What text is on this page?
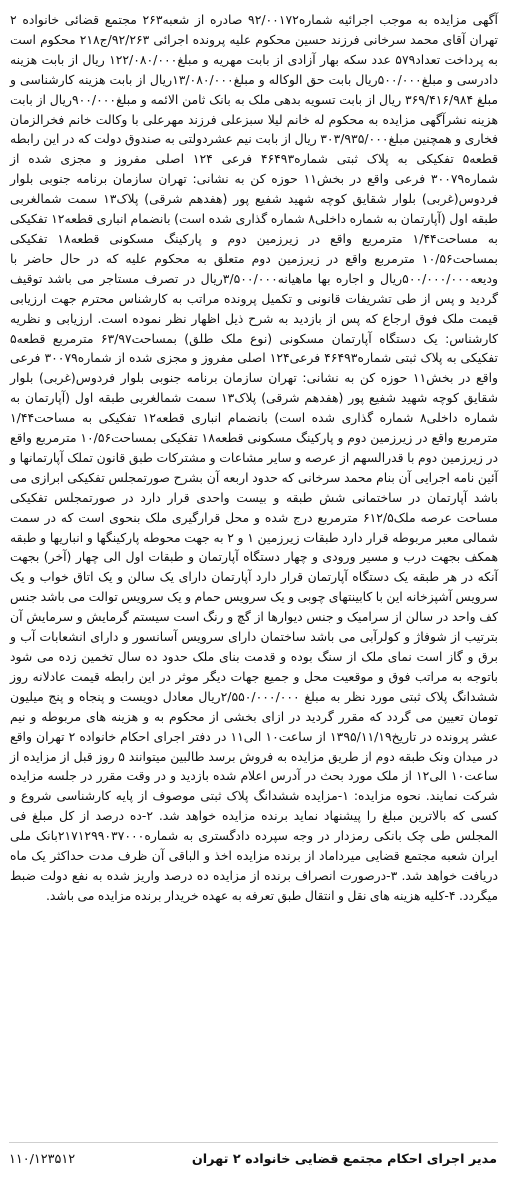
آگهی مزایده به موجب اجرائیه شماره۹۲/۰۰۱۷۲ صادره از شعبه۲۶۳ مجتمع قضائی خانواده ۲ تهران آقای محمد سرخانی فرزند حسین محکوم علیه پرونده اجرائی ۹۲/۲۶۳/ج۲۱۸ محکوم است به پرداخت تعداد۵۷۹ عدد سکه بهار آزادی از بابت مهریه و مبلغ۱۲۲/۰۸۰/۰۰۰ ریال از بابت هزینه دادرسی و مبلغ۵۰۰/۰۰۰ریال بابت حق الوکاله و مبلغ۱۳/۰۸۰/۰۰۰ریال از بابت هزینه کارشناسی و مبلغ ۳۶۹/۴۱۶/۹۸۴ ریال از بابت تسویه بدهی ملک به بانک ثامن الائمه و مبلغ۹۰۰/۰۰۰ریال از بابت هزینه نشرآگهی مزایده به محکوم له خانم لیلا سبزعلی فرزند مهرعلی با وکالت خانم فخرالزمان فخاری و همچنین مبلغ۳۰۳/۹۳۵/۰۰۰ ریال از بابت نیم عشردولتی به صندوق دولت که در این رابطه قطعه۵ تفکیکی به پلاک ثبتی شماره۴۶۴۹۳ فرعی ۱۲۴ اصلی مفروز و مجزی شده از شماره۳۰۰۷۹ فرعی واقع در بخش۱۱ حوزه کن به نشانی: تهران سازمان برنامه جنوبی بلوار فردوس(غربی) بلوار شقایق کوچه شهید شفیع پور (هفدهم شرقی) پلاک۱۳ سمت شمالغربی طبقه اول (آپارتمان به شماره داخلی۸ شماره گذاری شده است) بانضمام انباری قطعه۱۲ تفکیکی به مساحت۱/۴۴ مترمربع واقع در زیرزمین دوم و پارکینگ مسکونی قطعه۱۸ تفکیکی بمساحت۱۰/۵۶ مترمربع واقع در زیرزمین دوم متعلق به محکوم علیه که در حال حاضر با ودیعه۵۰۰/۰۰۰/۰۰۰ریال و اجاره بها ماهیانه۳/۵۰۰/۰۰۰ریال در تصرف مستاجر می باشد توقیف گردید و پس از طی تشریفات قانونی و تکمیل پرونده مراتب به کارشناس محترم جهت ارزیابی قیمت ملک فوق ارجاع که پس از بازدید به شرح ذیل اظهار نظر نموده است. ارزیابی و نظریه کارشناس: یک دستگاه آپارتمان مسکونی (نوع ملک طلق) بمساحت۶۳/۹۷ مترمربع قطعه۵ تفکیکی به پلاک ثبتی شماره۴۶۴۹۳ فرعی۱۲۴ اصلی مفروز و مجزی شده از شماره۳۰۰۷۹ فرعی واقع در بخش۱۱ حوزه کن به نشانی: تهران سازمان برنامه جنوبی بلوار فردوس(غربی) بلوار شقایق کوچه شهید شفیع پور (هفدهم شرقی) پلاک۱۳ سمت شمالغربی طبقه اول (آپارتمان به شماره داخلی۸ شماره گذاری شده است) بانضمام انباری قطعه۱۲ تفکیکی به مساحت۱/۴۴ مترمربع واقع در زیرزمین دوم و پارکینگ مسکونی قطعه۱۸ تفکیکی بمساحت۱۰/۵۶ مترمربع واقع در زیرزمین دوم با قدرالسهم از عرصه و سایر مشاعات و مشترکات طبق قانون تملک آپارتمانها و آئین نامه اجرایی آن بنام محمد سرخانی که حدود اربعه آن بشرح صورتمجلس تفکیکی ابرازی می باشد آپارتمان در ساختمانی شش طبقه و بیست واحدی قرار دارد در صورتمجلس تفکیکی مساحت عرصه ملک۶۱۲/۵ مترمربع درج شده و محل قرارگیری ملک بنحوی است که در سمت شمالی معبر مربوطه قرار دارد طبقات زیرزمین ۱ و ۲ به جهت محوطه پارکینگها و انباریها و طبقه همکف بجهت درب و مسیر ورودی و چهار دستگاه آپارتمان و طبقات اول الی چهار (آخر) بجهت آنکه در هر طبقه یک دستگاه آپارتمان قرار دارد آپارتمان دارای یک سالن و یک اتاق خواب و یک سرویس آشپزخانه این با کابینتهای چوبی و یک سرویس حمام و یک سرویس توالت می باشد جنس کف واحد در سالن از سرامیک و جنس دیوارها از گچ و رنگ است سیستم گرمایش و سرمایش آن بترتیب از شوفاژ و کولرآبی می باشد ساختمان دارای سرویس آسانسور و دارای انشعابات آب و برق و گاز است نمای ملک از سنگ بوده و قدمت بنای ملک حدود ده سال تخمین زده می شود باتوجه به مراتب فوق و موقعیت محل و جمیع جهات دیگر موثر در این رابطه قیمت عادلانه روز ششدانگ پلاک ثبتی مورد نظر به مبلغ ۲/۵۵۰/۰۰۰/۰۰۰ریال معادل دویست و پنجاه و پنج میلیون تومان تعیین می گردد که مقرر گردید در ازای بخشی از محکوم به و هزینه های مربوطه و نیم عشر پرونده در تاریخ۱۳۹۵/۱۱/۱۹ از ساعت۱۰ الی۱۱ در دفتر اجرای احکام خانواده ۲ تهران واقع در میدان ونک طبقه دوم از طریق مزایده به فروش برسد طالبین میتوانند ۵ روز قبل از مزایده از ساعت۱۰ الی۱۲ از ملک مورد بحث در آدرس اعلام شده بازدید و در وقت مقرر در جلسه مزایده شرکت نمایند. نحوه مزایده: ۱-مزایده ششدانگ پلاک ثبتی موصوف از پایه کارشناسی شروع و کسی که بالاترین مبلغ را پیشنهاد نماید برنده مزایده خواهد شد. ۲-ده درصد از کل مبلغ فی المجلس طی چک بانکی رمزدار در وجه سپرده دادگستری به شماره۲۱۷۱۲۹۹۰۳۷۰۰۰بانک ملی ایران شعبه مجتمع قضایی میرداماد از برنده مزایده اخذ و الباقی آن ظرف مدت حداکثر یک ماه دریافت خواهد شد. ۳-درصورت انصراف برنده از مزایده ده درصد واریز شده به نفع دولت ضبط میگردد. ۴-کلیه هزینه های نقل و انتقال طبق تعرفه به عهده خریدار برنده مزایده می باشد.

مدیر اجرای احکام مجتمع قضایی خانواده ۲ تهران
۱۱۰/۱۲۳۵۱۲
